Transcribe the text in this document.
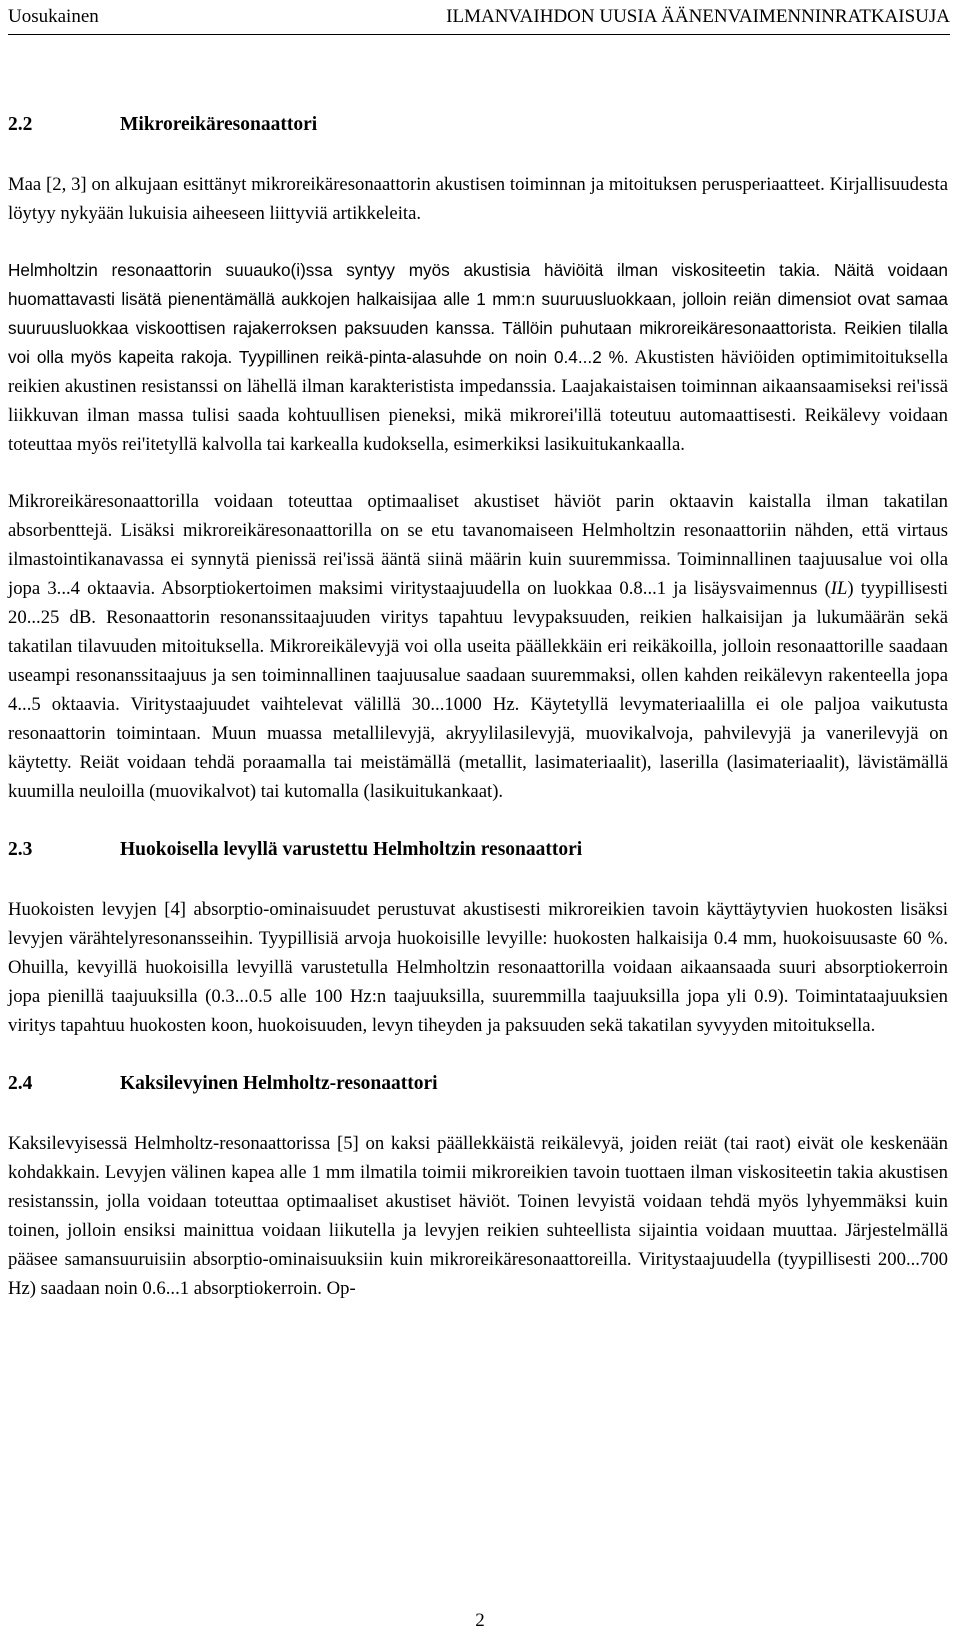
Uosukainen	ILMANVAIHDON UUSIA ÄÄNENVAIMENNINRATKAISUJA
2.2	Mikroreikäresonaattori

Maa [2, 3] on alkujaan esittänyt mikroreikäresonaattorin akustisen toiminnan ja mitoituksen perusperiaatteet. Kirjallisuudesta löytyy nykyään lukuisia aiheeseen liittyviä artikkeleita.

Helmholtzin resonaattorin suuauko(i)ssa syntyy myös akustisia häviöitä ilman viskositeetin takia. Näitä voidaan huomattavasti lisätä pienentämällä aukkojen halkaisijaa alle 1 mm:n suuruusluokkaan, jolloin reiän dimensiot ovat samaa suuruusluokkaa viskoottisen rajakerroksen paksuuden kanssa. Tällöin puhutaan mikroreikäresonaattorista. Reikien tilalla voi olla myös kapeita rakoja. Tyypillinen reikä-pinta-alasuhde on noin 0.4...2 %. Akustisten häviöiden optimimitoituksella reikien akustinen resistanssi on lähellä ilman karakteristista impedanssia. Laajakaistaisen toiminnan aikaansaamiseksi rei'issä liikkuvan ilman massa tulisi saada kohtuullisen pieneksi, mikä mikrorei'illä toteutuu automaattisesti. Reikälevy voidaan toteuttaa myös rei'itetyllä kalvolla tai karkealla kudoksella, esimerkiksi lasikuitukankaalla.

Mikroreikäresonaattorilla voidaan toteuttaa optimaaliset akustiset häviöt parin oktaavin kaistalla ilman takatilan absorbenttejä. Lisäksi mikroreikäresonaattorilla on se etu tavanomaiseen Helmholtzin resonaattoriin nähden, että virtaus ilmastointikanavassa ei synnytä pienissä rei'issä ääntä siinä määrin kuin suuremmissa. Toiminnallinen taajuusalue voi olla jopa 3...4 oktaavia. Absorptiokertoimen maksimi viritystaajuudella on luokkaa 0.8...1 ja lisäysvaimennus (IL) tyypillisesti 20...25 dB. Resonaattorin resonanssitaajuuden viritys tapahtuu levypaksuuden, reikien halkaisijan ja lukumäärän sekä takatilan tilavuuden mitoituksella. Mikroreikälevyjä voi olla useita päällekkäin eri reikäkoilla, jolloin resonaattorille saadaan useampi resonanssitaajuus ja sen toiminnallinen taajuusalue saadaan suuremmaksi, ollen kahden reikälevyn rakenteella jopa 4...5 oktaavia. Viritystaajuudet vaihtelevat välillä 30...1000 Hz. Käytetyllä levymateriaalilla ei ole paljoa vaikutusta resonaattorin toimintaan. Muun muassa metallilevyjä, akryylilasilevyjä, muovikalvoja, pahvilevyjä ja vanerilevyjä on käytetty. Reiät voidaan tehdä poraamalla tai meistämällä (metallit, lasimateriaalit), laserilla (lasimateriaalit), lävistämällä kuumilla neuloilla (muovikalvot) tai kutomalla (lasikuitukankaat).

2.3	Huokoisella levyllä varustettu Helmholtzin resonaattori

Huokoisten levyjen [4] absorptio-ominaisuudet perustuvat akustisesti mikroreikien tavoin käyttäytyvien huokosten lisäksi levyjen värähtelyresonansseihin. Tyypillisiä arvoja huokoisille levyille: huokosten halkaisija 0.4 mm, huokoisuusaste 60 %. Ohuilla, kevyillä huokoisilla levyillä varustetulla Helmholtzin resonaattorilla voidaan aikaansaada suuri absorptiokerroin jopa pienillä taajuuksilla (0.3...0.5 alle 100 Hz:n taajuuksilla, suuremmilla taajuuksilla jopa yli 0.9). Toimintataajuuksien viritys tapahtuu huokosten koon, huokoisuuden, levyn tiheyden ja paksuuden sekä takatilan syvyyden mitoituksella.

2.4	Kaksilevyinen Helmholtz-resonaattori

Kaksilevyisessä Helmholtz-resonaattorissa [5] on kaksi päällekkäistä reikälevyä, joiden reiät (tai raot) eivät ole keskenään kohdakkain. Levyjen välinen kapea alle 1 mm ilmatila toimii mikroreikien tavoin tuottaen ilman viskositeetin takia akustisen resistanssin, jolla voidaan toteuttaa optimaaliset akustiset häviöt. Toinen levyistä voidaan tehdä myös lyhyemmäksi kuin toinen, jolloin ensiksi mainittua voidaan liikutella ja levyjen reikien suhteellista sijaintia voidaan muuttaa. Järjestelmällä pääsee samansuuruisiin absorptio-ominaisuuksiin kuin mikroreikäresonaattoreilla. Viritystaajuudella (tyypillisesti 200...700 Hz) saadaan noin 0.6...1 absorptiokerroin. Op-

2
